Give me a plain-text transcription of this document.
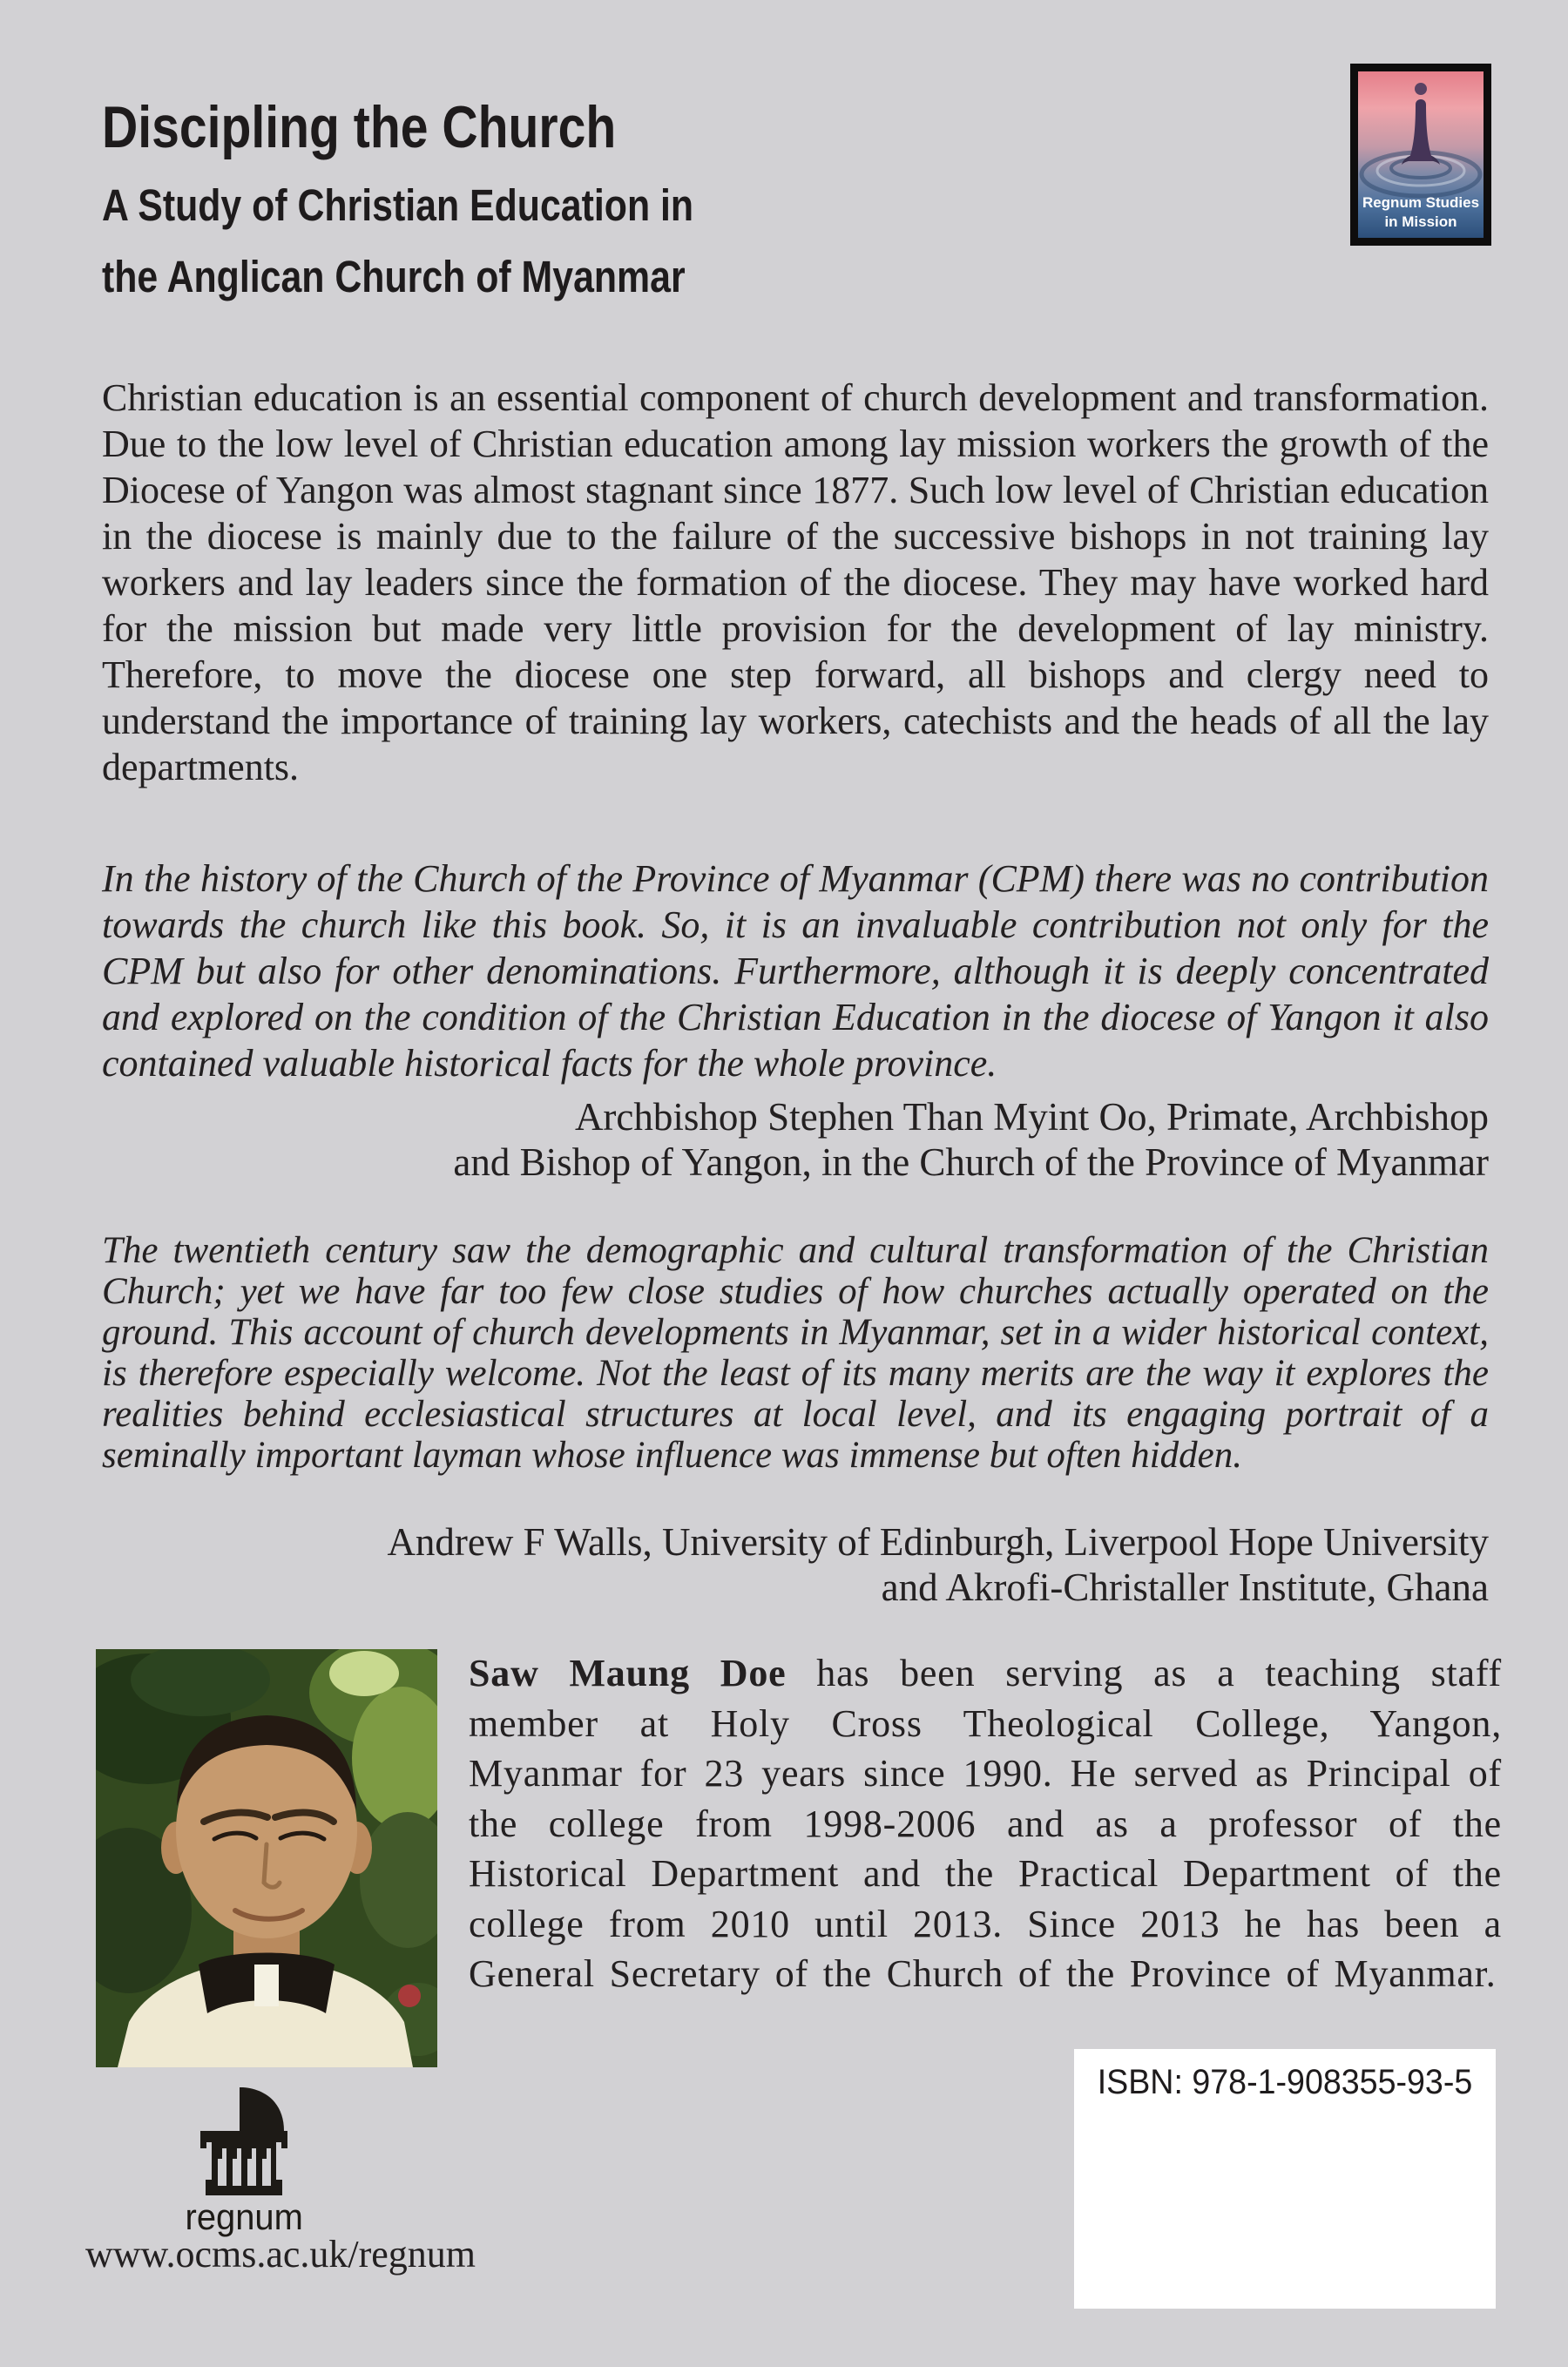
Discipling the Church
A Study of Christian Education in
the Anglican Church of Myanmar
Regnum Studies
in Mission
Christian education is an essential component of church development and transformation. Due to the low level of Christian education among lay mission workers the growth of the Diocese of Yangon was almost stagnant since 1877. Such low level of Christian education in the diocese is mainly due to the failure of the successive bishops in not training lay workers and lay leaders since the formation of the diocese. They may have worked hard for the mission but made very little provision for the development of lay ministry. Therefore, to move the diocese one step forward, all bishops and clergy need to understand the importance of training lay workers, catechists and the heads of all the lay departments.
In the history of the Church of the Province of Myanmar (CPM) there was no contribution towards the church like this book. So, it is an invaluable contribution not only for the CPM but also for other denominations. Furthermore, although it is deeply concentrated and explored on the condition of the Christian Education in the diocese of Yangon it also contained valuable historical facts for the whole province.
Archbishop Stephen Than Myint Oo, Primate, Archbishop
and Bishop of Yangon, in the Church of the Province of Myanmar
The twentieth century saw the demographic and cultural transformation of the Christian Church; yet we have far too few close studies of how churches actually operated on the ground. This account of church developments in Myanmar, set in a wider historical context, is therefore especially welcome. Not the least of its many merits are the way it explores the realities behind ecclesiastical structures at local level, and its engaging portrait of a seminally important layman whose influence was immense but often hidden.
Andrew F Walls, University of Edinburgh, Liverpool Hope University
and Akrofi-Christaller Institute, Ghana
Saw Maung Doe has been serving as a teaching staff member at Holy Cross Theological College, Yangon, Myanmar for 23 years since 1990. He served as Principal of the college from 1998-2006 and as a professor of the Historical Department and the Practical Department of the college from 2010 until 2013. Since 2013 he has been a General Secretary of the Church of the Province of Myanmar.
ISBN: 978-1-908355-93-5
regnum
www.ocms.ac.uk/regnum
